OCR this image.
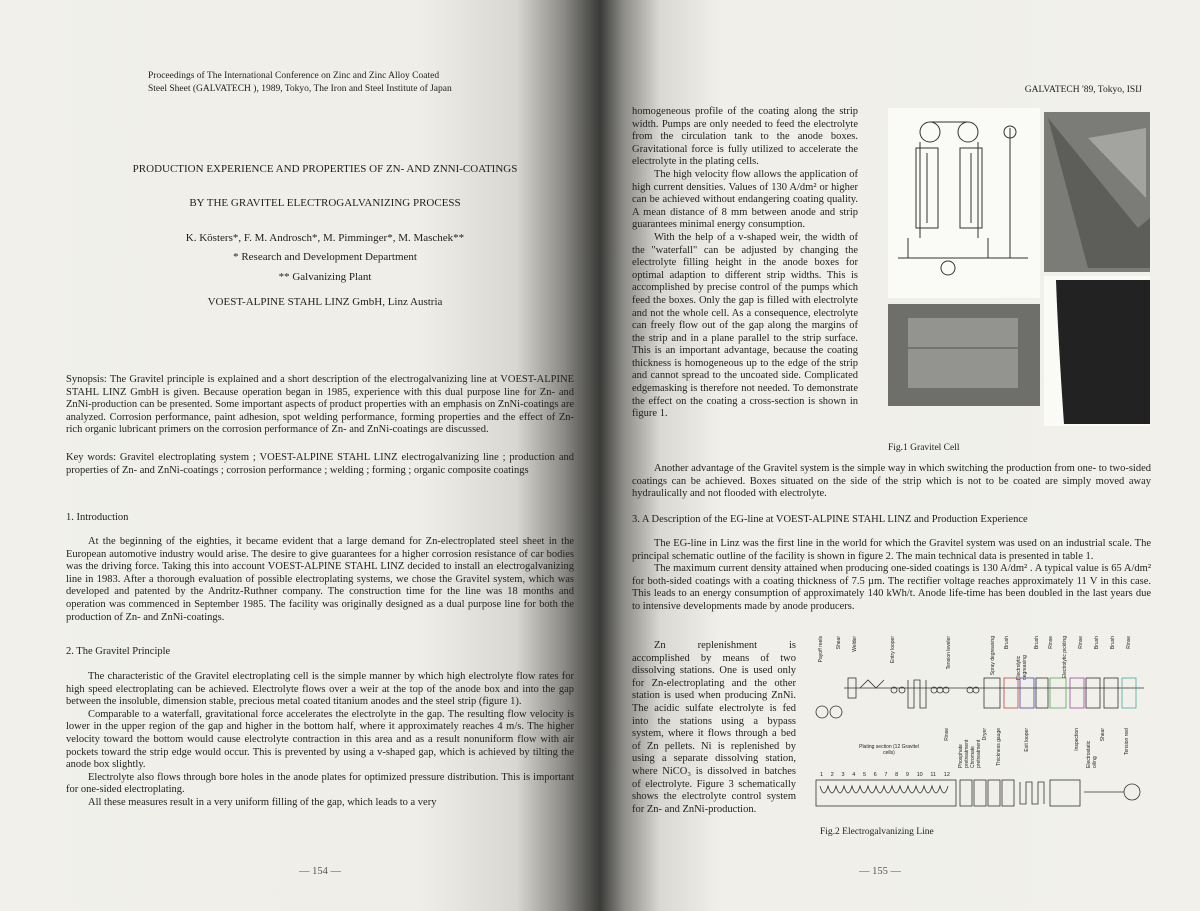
Proceedings of The International Conference on Zinc and Zinc Alloy Coated
Steel Sheet (GALVATECH ), 1989, Tokyo, The Iron and Steel Institute of Japan
PRODUCTION EXPERIENCE AND PROPERTIES OF ZN- AND ZNNI-COATINGS
BY THE GRAVITEL ELECTROGALVANIZING PROCESS
K. Kösters*, F. M. Androsch*, M. Pimminger*, M. Maschek**
* Research and Development Department
** Galvanizing Plant
VOEST-ALPINE STAHL LINZ GmbH, Linz Austria

Synopsis: The Gravitel principle is explained and a short description of the electrogalvanizing line at VOEST-ALPINE STAHL LINZ GmbH is given. Because operation began in 1985, experience with this dual purpose line for Zn- and ZnNi-production can be presented. Some important aspects of product properties with an emphasis on ZnNi-coatings are analyzed. Corrosion performance, paint adhesion, spot welding performance, forming properties and the effect of Zn-rich organic lubricant primers on the corrosion performance of Zn- and ZnNi-coatings are discussed.

Key words: Gravitel electroplating system ; VOEST-ALPINE STAHL LINZ electrogalvanizing line ; production and properties of Zn- and ZnNi-coatings ; corrosion performance ; welding ; forming ; organic composite coatings

1. Introduction

At the beginning of the eighties, it became evident that a large demand for Zn-electroplated steel sheet in the European automotive industry would arise. The desire to give guarantees for a higher corrosion resistance of car bodies was the driving force. Taking this into account VOEST-ALPINE STAHL LINZ decided to install an electrogalvanizing line in 1983. After a thorough evaluation of possible electroplating systems, we chose the Gravitel system, which was developed and patented by the Andritz-Ruthner company. The construction time for the line was 18 months and operation was commenced in September 1985. The facility was originally designed as a dual purpose line for both the production of Zn- and ZnNi-coatings.

2. The Gravitel Principle

The characteristic of the Gravitel electroplating cell is the simple manner by which high electrolyte flow rates for high speed electroplating can be achieved. Electrolyte flows over a weir at the top of the anode box and into the gap between the insoluble, dimension stable, precious metal coated titanium anodes and the steel strip (figure 1).

Comparable to a waterfall, gravitational force accelerates the electrolyte in the gap. The resulting flow velocity is lower in the upper region of the gap and higher in the bottom half, where it approximately reaches 4 m/s. The higher velocity toward the bottom would cause electrolyte contraction in this area and as a result nonuniform flow with air pockets toward the strip edge would occur. This is prevented by using a v-shaped gap, which is achieved by tilting the anode box slightly.

Electrolyte also flows through bore holes in the anode plates for optimized pressure distribution. This is important for one-sided electroplating.

All these measures result in a very uniform filling of the gap, which leads to a very

— 154 —
GALVATECH '89, Tokyo, ISIJ

homogeneous profile of the coating along the strip width. Pumps are only needed to feed the electrolyte from the circulation tank to the anode boxes. Gravitational force is fully utilized to accelerate the electrolyte in the plating cells.

The high velocity flow allows the application of high current densities. Values of 130 A/dm² or higher can be achieved without endangering coating quality. A mean distance of 8 mm between anode and strip guarantees minimal energy consumption.

With the help of a v-shaped weir, the width of the "waterfall" can be adjusted by changing the electrolyte filling height in the anode boxes for optimal adaption to different strip widths. This is accomplished by precise control of the pumps which feed the boxes. Only the gap is filled with electrolyte and not the whole cell. As a consequence, electrolyte can freely flow out of the gap along the margins of the strip and in a plane parallel to the strip surface. This is an important advantage, because the coating thickness is homogeneous up to the edge of the strip and cannot spread to the uncoated side. Complicated edgemasking is therefore not needed. To demonstrate the effect on the coating a cross-section is shown in figure 1.

Fig.1 Gravitel Cell

Another advantage of the Gravitel system is the simple way in which switching the production from one- to two-sided coatings can be achieved. Boxes situated on the side of the strip which is not to be coated are simply moved away hydraulically and not flooded with electrolyte.

3. A Description of the EG-line at VOEST-ALPINE STAHL LINZ and Production Experience

The EG-line in Linz was the first line in the world for which the Gravitel system was used on an industrial scale. The principal schematic outline of the facility is shown in figure 2. The main technical data is presented in table 1.

The maximum current density attained when producing one-sided coatings is 130 A/dm² . A typical value is 65 A/dm² for both-sided coatings with a coating thickness of 7.5 µm. The rectifier voltage reaches approximately 11 V in this case. This leads to an energy consumption of approximately 140 kWh/t. Anode life-time has been doubled in the last years due to intensive developments made by anode producers.

Zn replenishment is accomplished by means of two dissolving stations. One is used only for Zn-electroplating and the other station is used when producing ZnNi. The acidic sulfate electrolyte is fed into the stations using a bypass system, where it flows through a bed of Zn pellets. Ni is replenished by using a separate dissolving station, where NiCO₃ is dissolved in batches of electrolyte. Figure 3 schematically shows the electrolyte control system for Zn- and ZnNi-production.

Payoff reels Shear Welder	Entry looper	Tension leveler	Spray degreasing Brush
Electrolytic degreasing
Brush Rinse Electrolytic pickling Rinse Brush Brush Rinse
Plating section (12 Gravitel cells)
Rinse
Phosphate pretreatment Chromate pretreatment
Dryer Thickness gauge	Exit looper	Inspection
Electrostatic oiling
Shear	Tension reel
1 2 3 4 5 6 7 8 9 10 11 12
Fig.2 Electrogalvanizing Line
— 155 —
